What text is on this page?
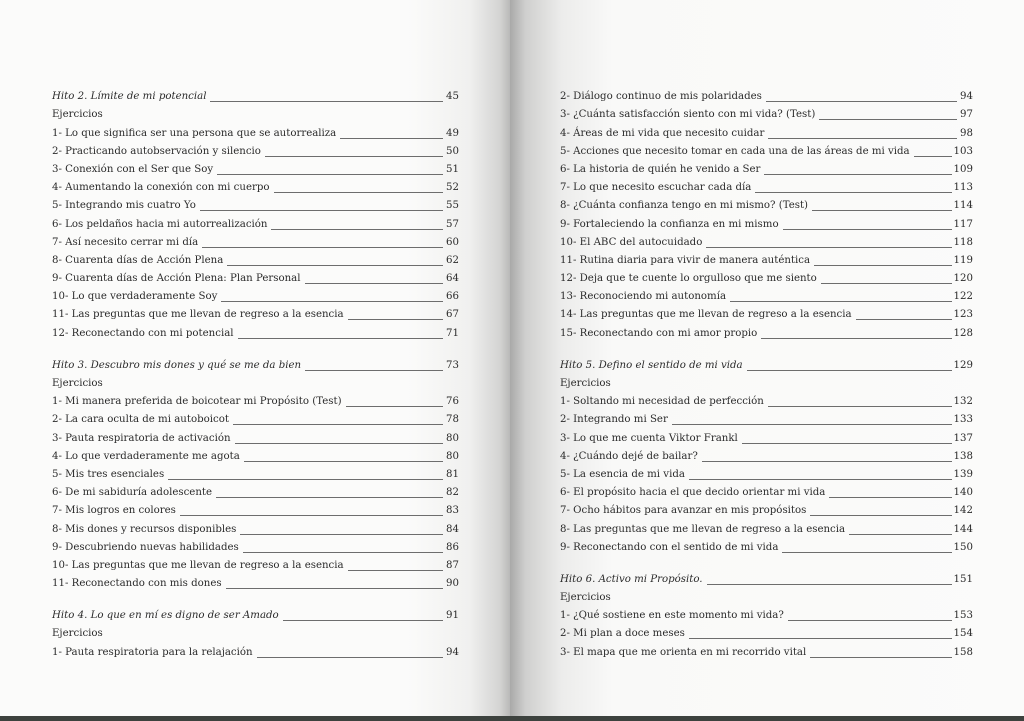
Hito 2. Límite de mi potencial	45
Ejercicios
1- Lo que significa ser una persona que se autorrealiza	49
2- Practicando autobservación y silencio	50
3- Conexión con el Ser que Soy	51
4- Aumentando la conexión con mi cuerpo	52
5- Integrando mis cuatro Yo	55
6- Los peldaños hacia mi autorrealización	57
7- Así necesito cerrar mi día	60
8- Cuarenta días de Acción Plena	62
9- Cuarenta días de Acción Plena: Plan Personal	64
10- Lo que verdaderamente Soy	66
11- Las preguntas que me llevan de regreso a la esencia	67
12- Reconectando con mi potencial	71
Hito 3. Descubro mis dones y qué se me da bien	73
Ejercicios
1- Mi manera preferida de boicotear mi Propósito (Test)	76
2- La cara oculta de mi autoboicot	78
3- Pauta respiratoria de activación	80
4- Lo que verdaderamente me agota	80
5- Mis tres esenciales	81
6- De mi sabiduría adolescente	82
7- Mis logros en colores	83
8- Mis dones y recursos disponibles	84
9- Descubriendo nuevas habilidades	86
10- Las preguntas que me llevan de regreso a la esencia	87
11- Reconectando con mis dones	90
Hito 4. Lo que en mí es digno de ser Amado	91
Ejercicios
1- Pauta respiratoria para la relajación	94
2- Diálogo continuo de mis polaridades	94
3- ¿Cuánta satisfacción siento con mi vida? (Test)	97
4- Áreas de mi vida que necesito cuidar	98
5- Acciones que necesito tomar en cada una de las áreas de mi vida	103
6- La historia de quién he venido a Ser	109
7- Lo que necesito escuchar cada día	113
8- ¿Cuánta confianza tengo en mi mismo? (Test)	114
9- Fortaleciendo la confianza en mi mismo	117
10- El ABC del autocuidado	118
11- Rutina diaria para vivir de manera auténtica	119
12- Deja que te cuente lo orgulloso que me siento	120
13- Reconociendo mi autonomía	122
14- Las preguntas que me llevan de regreso a la esencia	123
15- Reconectando con mi amor propio	128
Hito 5. Defino el sentido de mi vida	129
Ejercicios
1- Soltando mi necesidad de perfección	132
2- Integrando mi Ser	133
3- Lo que me cuenta Viktor Frankl	137
4- ¿Cuándo dejé de bailar?	138
5- La esencia de mi vida	139
6- El propósito hacia el que decido orientar mi vida	140
7- Ocho hábitos para avanzar en mis propósitos	142
8- Las preguntas que me llevan de regreso a la esencia	144
9- Reconectando con el sentido de mi vida	150
Hito 6. Activo mi Propósito.	151
Ejercicios
1- ¿Qué sostiene en este momento mi vida?	153
2- Mi plan a doce meses	154
3- El mapa que me orienta en mi recorrido vital	158
